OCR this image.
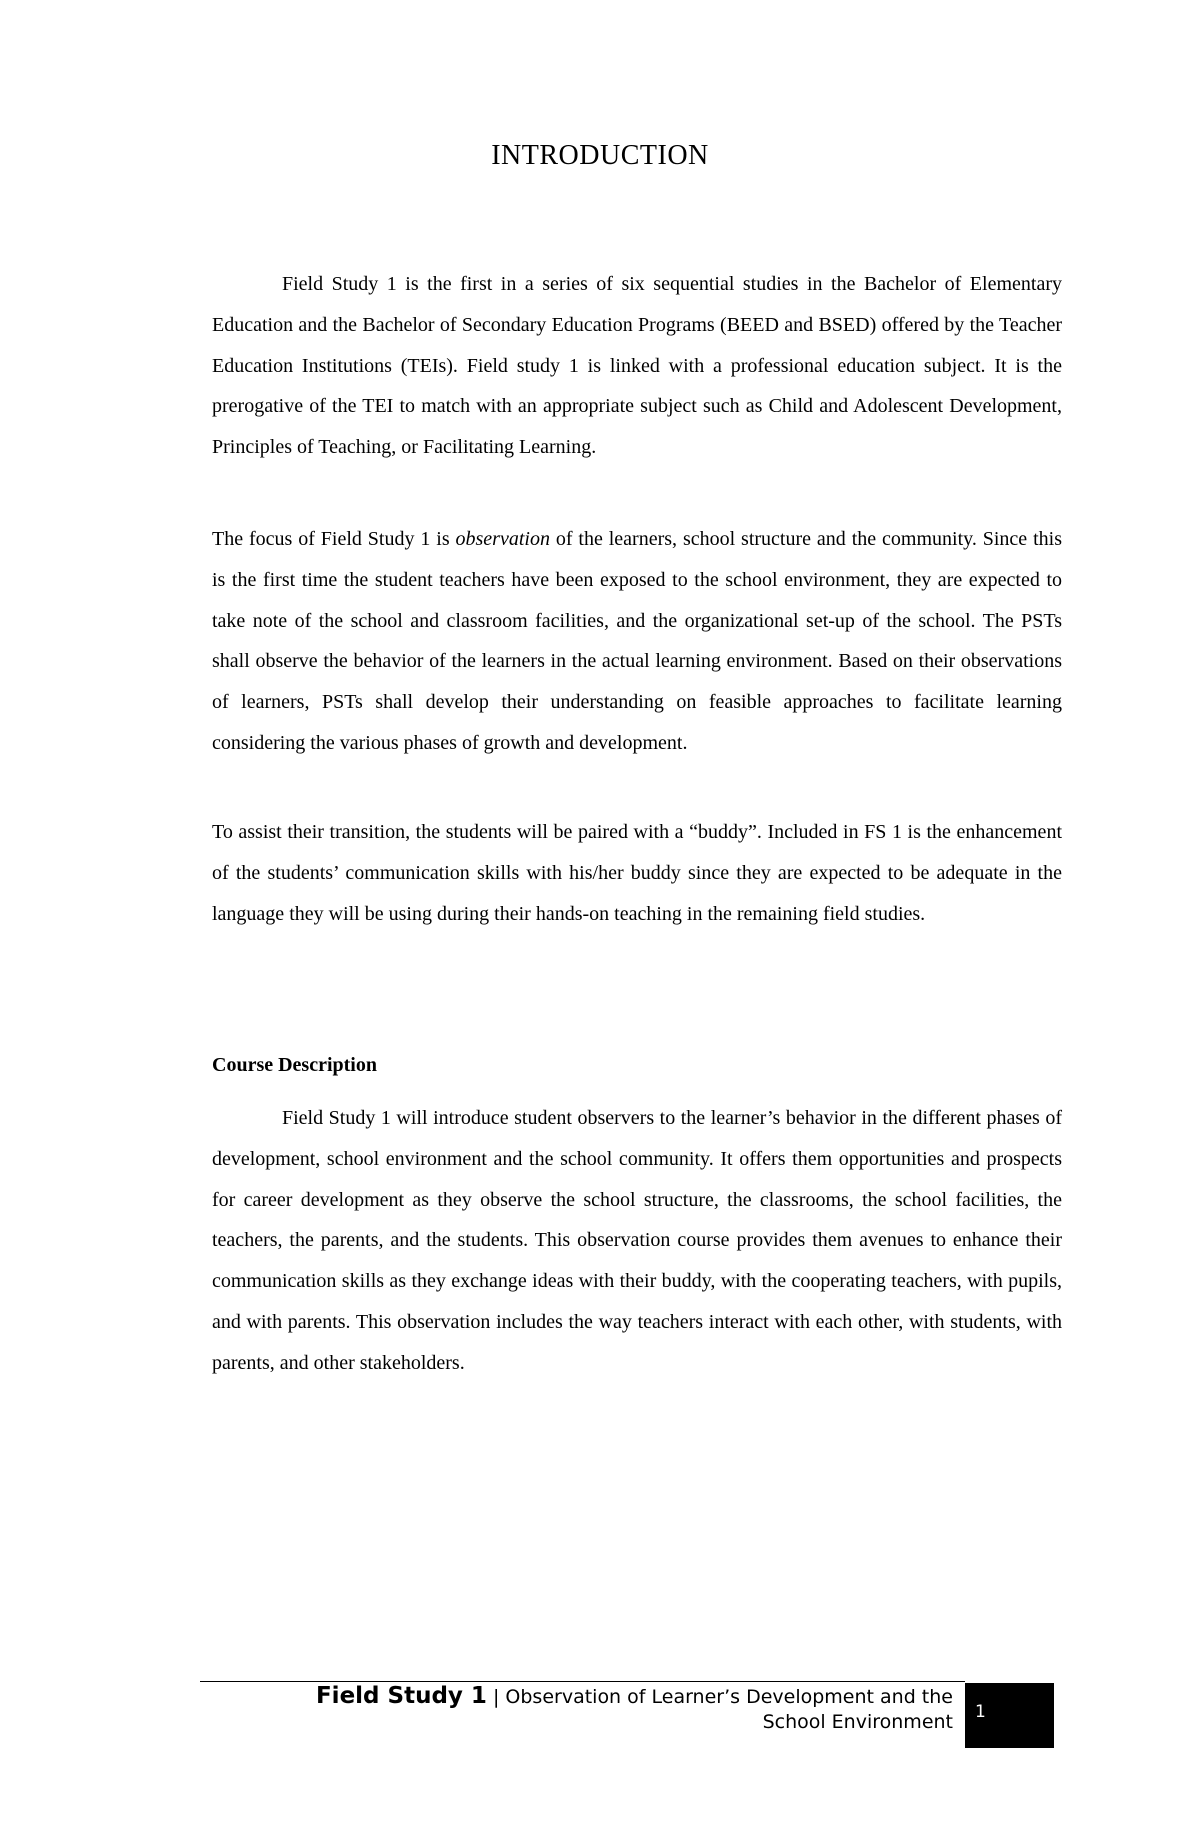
INTRODUCTION

Field Study 1 is the first in a series of six sequential studies in the Bachelor of Elementary Education and the Bachelor of Secondary Education Programs (BEED and BSED) offered by the Teacher Education Institutions (TEIs). Field study 1 is linked with a professional education subject. It is the prerogative of the TEI to match with an appropriate subject such as Child and Adolescent Development, Principles of Teaching, or Facilitating Learning.

The focus of Field Study 1 is observation of the learners, school structure and the community. Since this is the first time the student teachers have been exposed to the school environment, they are expected to take note of the school and classroom facilities, and the organizational set-up of the school. The PSTs shall observe the behavior of the learners in the actual learning environment. Based on their observations of learners, PSTs shall develop their understanding on feasible approaches to facilitate learning considering the various phases of growth and development.

To assist their transition, the students will be paired with a “buddy”. Included in FS 1 is the enhancement of the students’ communication skills with his/her buddy since they are expected to be adequate in the language they will be using during their hands-on teaching in the remaining field studies.

Course Description

Field Study 1 will introduce student observers to the learner’s behavior in the different phases of development, school environment and the school community. It offers them opportunities and prospects for career development as they observe the school structure, the classrooms, the school facilities, the teachers, the parents, and the students. This observation course provides them avenues to enhance their communication skills as they exchange ideas with their buddy, with the cooperating teachers, with pupils, and with parents. This observation includes the way teachers interact with each other, with students, with parents, and other stakeholders.

Field Study 1 | Observation of Learner’s Development and the
School Environment 1
